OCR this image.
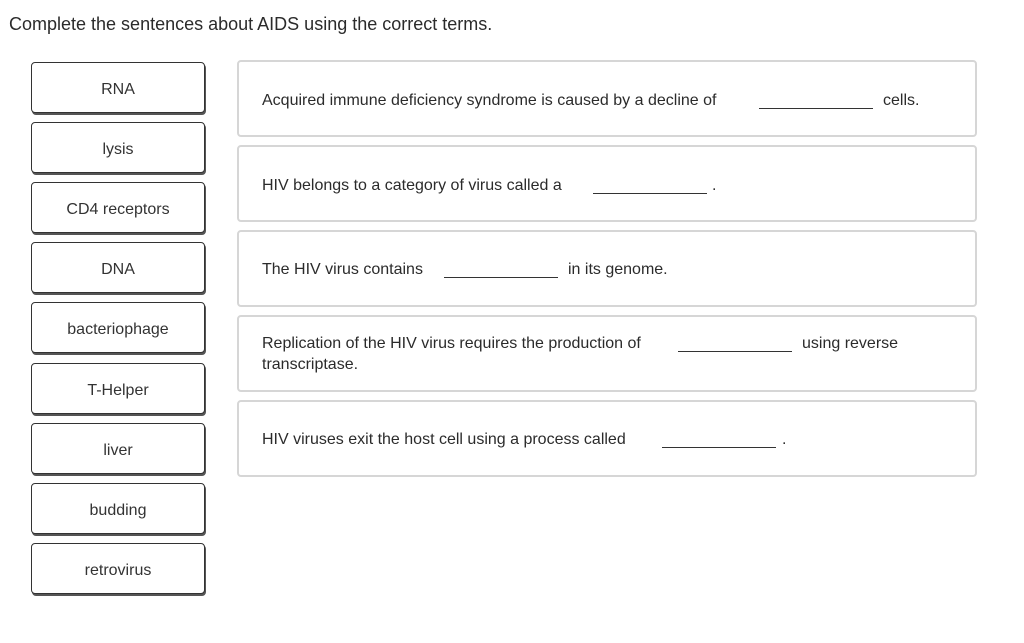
Complete the sentences about AIDS using the correct terms.
RNA
lysis
CD4 receptors
DNA
bacteriophage
T-Helper
liver
budding
retrovirus
Acquired immune deficiency syndrome is caused by a decline of	cells.
HIV belongs to a category of virus called a	.
The HIV virus contains	in its genome.
Replication of the HIV virus requires the production of	using reverse
transcriptase.
HIV viruses exit the host cell using a process called	.
